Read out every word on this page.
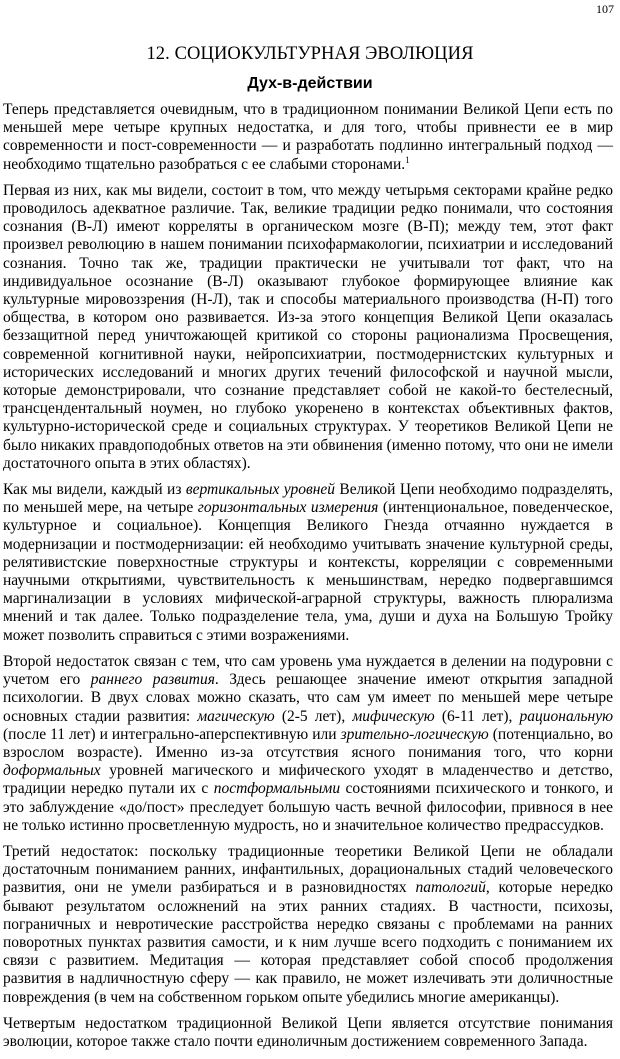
107
12. СОЦИОКУЛЬТУРНАЯ ЭВОЛЮЦИЯ
Дух-в-действии

Теперь представляется очевидным, что в традиционном понимании Великой Цепи есть по меньшей мере четыре крупных недостатка, и для того, чтобы привнести ее в мир современности и пост-современности — и разработать подлинно интегральный подход — необходимо тщательно разобраться с ее слабыми сторонами.$^1$

Первая из них, как мы видели, состоит в том, что между четырьмя секторами крайне редко проводилось адекватное различие. Так, великие традиции редко понимали, что состояния сознания (В-Л) имеют корреляты в органическом мозге (В-П); между тем, этот факт произвел революцию в нашем понимании психофармакологии, психиатрии и исследований сознания. Точно так же, традиции практически не учитывали тот факт, что на индивидуальное осознание (В-Л) оказывают глубокое формирующее влияние как культурные мировоззрения (Н-Л), так и способы материального производства (Н-П) того общества, в котором оно развивается. Из-за этого концепция Великой Цепи оказалась беззащитной перед уничтожающей критикой со стороны рационализма Просвещения, современной когнитивной науки, нейропсихиатрии, постмодернистских культурных и исторических исследований и многих других течений философской и научной мысли, которые демонстрировали, что сознание представляет собой не какой-то бестелесный, трансцендентальный ноумен, но глубоко укоренено в контекстах объективных фактов, культурно-исторической среде и социальных структурах. У теоретиков Великой Цепи не было никаких правдоподобных ответов на эти обвинения (именно потому, что они не имели достаточного опыта в этих областях).

Как мы видели, каждый из вертикальных уровней Великой Цепи необходимо подразделять, по меньшей мере, на четыре горизонтальных измерения (интенциональное, поведенческое, культурное и социальное). Концепция Великого Гнезда отчаянно нуждается в модернизации и постмодернизации: ей необходимо учитывать значение культурной среды, релятивистские поверхностные структуры и контексты, корреляции с современными научными открытиями, чувствительность к меньшинствам, нередко подвергавшимся маргинализации в условиях мифической-аграрной структуры, важность плюрализма мнений и так далее. Только подразделение тела, ума, души и духа на Большую Тройку может позволить справиться с этими возражениями.

Второй недостаток связан с тем, что сам уровень ума нуждается в делении на подуровни с учетом его раннего развития. Здесь решающее значение имеют открытия западной психологии. В двух словах можно сказать, что сам ум имеет по меньшей мере четыре основных стадии развития: магическую (2-5 лет), мифическую (6-11 лет), рациональную (после 11 лет) и интегрально-аперспективную или зрительно-логическую (потенциально, во взрослом возрасте). Именно из-за отсутствия ясного понимания того, что корни доформальных уровней магического и мифического уходят в младенчество и детство, традиции нередко путали их с постформальными состояниями психического и тонкого, и это заблуждение «до/пост» преследует большую часть вечной философии, привнося в нее не только истинно просветленную мудрость, но и значительное количество предрассудков.

Третий недостаток: поскольку традиционные теоретики Великой Цепи не обладали достаточным пониманием ранних, инфантильных, дорациональных стадий человеческого развития, они не умели разбираться и в разновидностях патологий, которые нередко бывают результатом осложнений на этих ранних стадиях. В частности, психозы, пограничных и невротические расстройства нередко связаны с проблемами на ранних поворотных пунктах развития самости, и к ним лучше всего подходить с пониманием их связи с развитием. Медитация — которая представляет собой способ продолжения развития в надличностную сферу — как правило, не может излечивать эти доличностные повреждения (в чем на собственном горьком опыте убедились многие американцы).

Четвертым недостатком традиционной Великой Цепи является отсутствие понимания эволюции, которое также стало почти единоличным достижением современного Запада.
